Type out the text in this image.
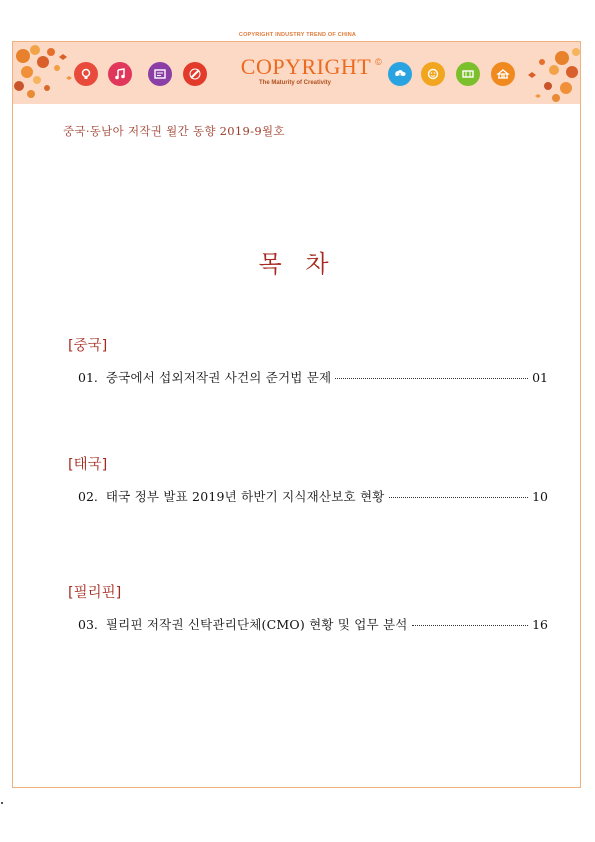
COPYRIGHT INDUSTRY TREND OF CHINA
COPYRIGHT ©
The Maturity of Creativity
중국·동남아 저작권 월간 동향 2019-9월호
목 차
[중국]
01. 중국에서 섭외저작권 사건의 준거법 문제	01
[태국]
02. 태국 정부 발표 2019년 하반기 지식재산보호 현황	10
[필리핀]
03. 필리핀 저작권 신탁관리단체(CMO) 현황 및 업무 분석	16
